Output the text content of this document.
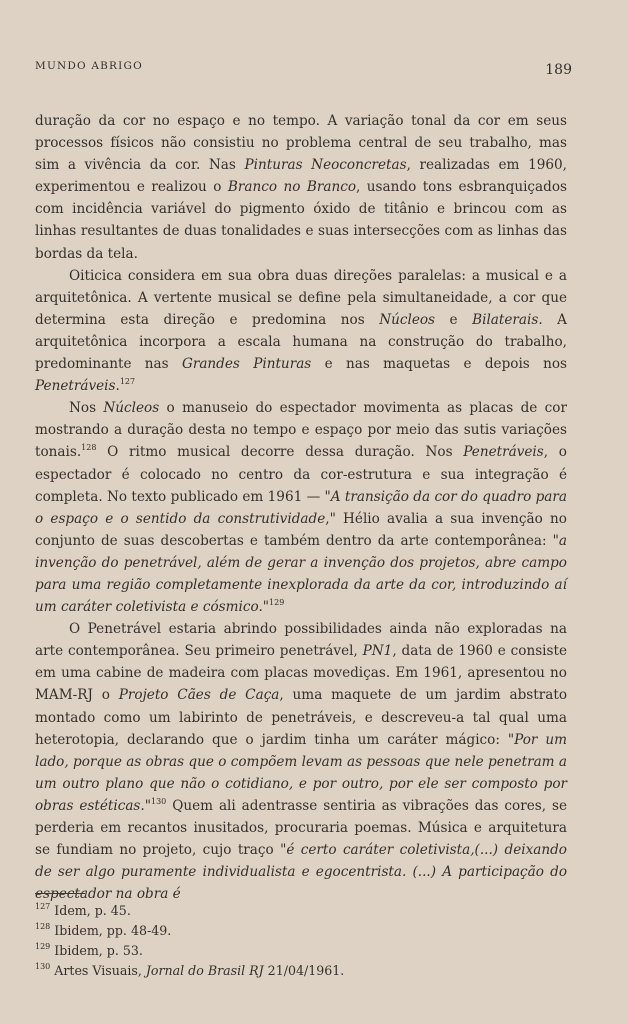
MUNDO ABRIGO	189

duração da cor no espaço e no tempo. A variação tonal da cor em seus processos físicos não consistiu no problema central de seu trabalho, mas sim a vivência da cor. Nas Pinturas Neoconcretas, realizadas em 1960, experimentou e realizou o Branco no Branco, usando tons esbranquiçados com incidência variável do pigmento óxido de titânio e brincou com as linhas resultantes de duas tonalidades e suas intersecções com as linhas das bordas da tela.

Oiticica considera em sua obra duas direções paralelas: a musical e a arquitetônica. A vertente musical se define pela simultaneidade, a cor que determina esta direção e predomina nos Núcleos e Bilaterais. A arquitetônica incorpora a escala humana na construção do trabalho, predominante nas Grandes Pinturas e nas maquetas e depois nos Penetráveis.$^{127}$

Nos Núcleos o manuseio do espectador movimenta as placas de cor mostrando a duração desta no tempo e espaço por meio das sutis variações tonais.$^{128}$ O ritmo musical decorre dessa duração. Nos Penetráveis, o espectador é colocado no centro da cor-estrutura e sua integração é completa. No texto publicado em 1961 — "A transição da cor do quadro para o espaço e o sentido da construtividade," Hélio avalia a sua invenção no conjunto de suas descobertas e também dentro da arte contemporânea: "a invenção do penetrável, além de gerar a invenção dos projetos, abre campo para uma região completamente inexplorada da arte da cor, introduzindo aí um caráter coletivista e cósmico."$^{129}$

O Penetrável estaria abrindo possibilidades ainda não exploradas na arte contemporânea. Seu primeiro penetrável, PN1, data de 1960 e consiste em uma cabine de madeira com placas movediças. Em 1961, apresentou no MAM-RJ o Projeto Cães de Caça, uma maquete de um jardim abstrato montado como um labirinto de penetráveis, e descreveu-a tal qual uma heterotopia, declarando que o jardim tinha um caráter mágico: "Por um lado, porque as obras que o compõem levam as pessoas que nele penetram a um outro plano que não o cotidiano, e por outro, por ele ser composto por obras estéticas."$^{130}$ Quem ali adentrasse sentiria as vibrações das cores, se perderia em recantos inusitados, procuraria poemas. Música e arquitetura se fundiam no projeto, cujo traço "é certo caráter coletivista,(...) deixando de ser algo puramente individualista e egocentrista. (...) A participação do espectador na obra é

$^{127}$ Idem, p. 45.

$^{128}$ Ibidem, pp. 48-49.

$^{129}$ Ibidem, p. 53.

$^{130}$ Artes Visuais, Jornal do Brasil RJ 21/04/1961.
